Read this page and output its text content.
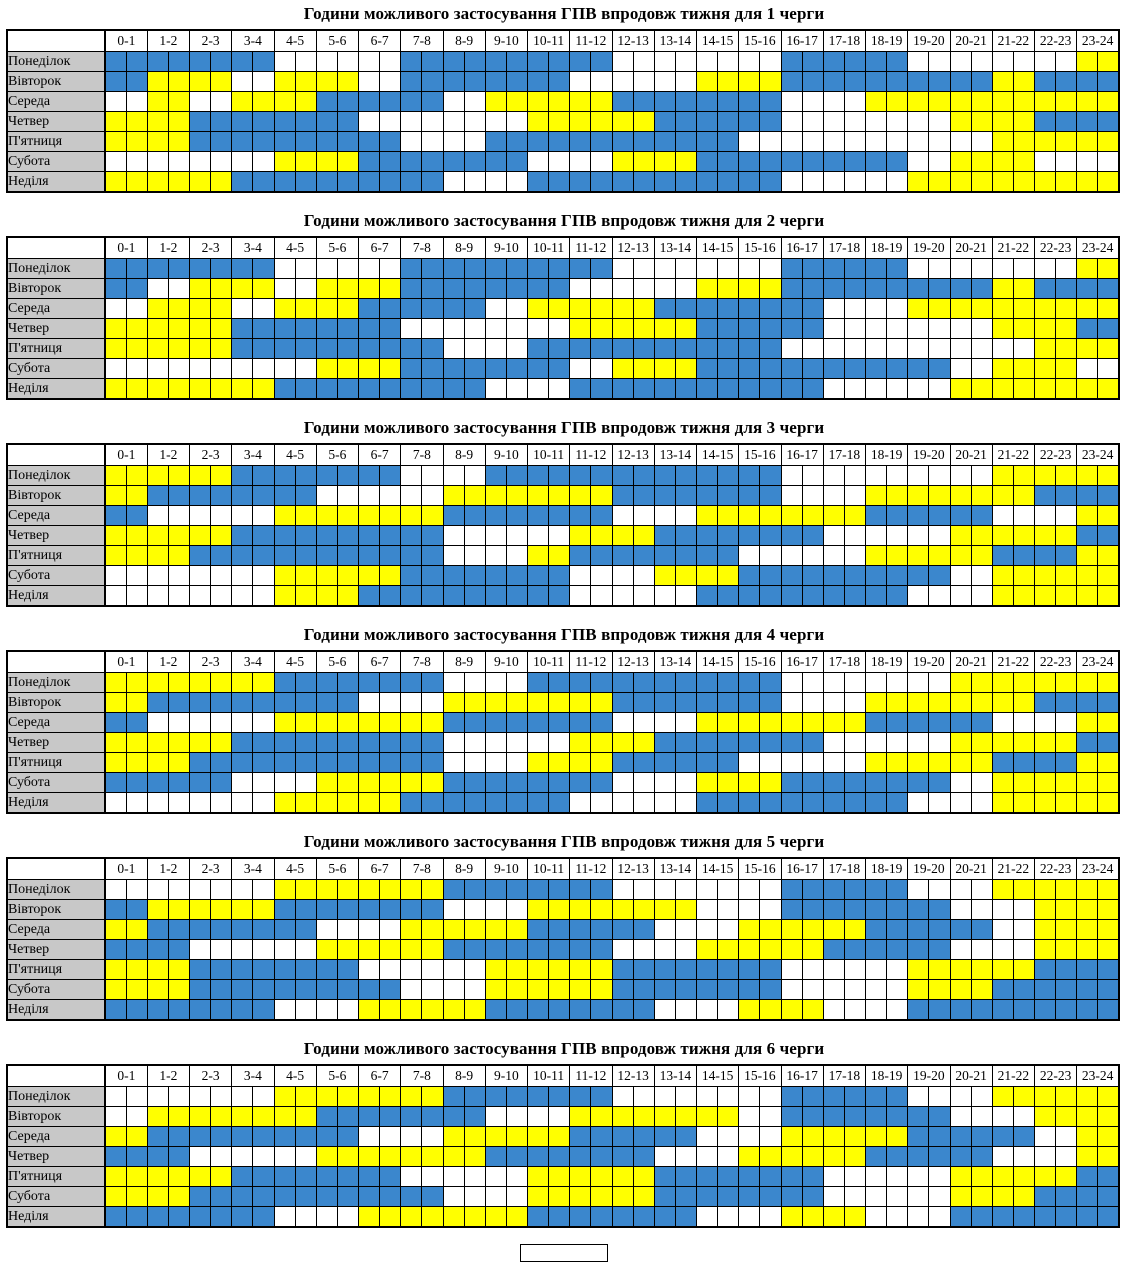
Години можливого застосування ГПВ впродовж тижня для 1 черги
	0-1		1-2		2-3		3-4		4-5		5-6		6-7		7-8		8-9		9-10		10-11		11-12		12-13		13-14		14-15		15-16		16-17		17-18		18-19		19-20		20-21		21-22		22-23		23-24	
Понеділок																																																
Вівторок																																																
Середа																																																
Четвер																																																
П'ятниця																																																
Субота																																																
Неділя																																																
Години можливого застосування ГПВ впродовж тижня для 2 черги
	0-1		1-2		2-3		3-4		4-5		5-6		6-7		7-8		8-9		9-10		10-11		11-12		12-13		13-14		14-15		15-16		16-17		17-18		18-19		19-20		20-21		21-22		22-23		23-24	
Понеділок																																																
Вівторок																																																
Середа																																																
Четвер																																																
П'ятниця																																																
Субота																																																
Неділя																																																
Години можливого застосування ГПВ впродовж тижня для 3 черги
	0-1		1-2		2-3		3-4		4-5		5-6		6-7		7-8		8-9		9-10		10-11		11-12		12-13		13-14		14-15		15-16		16-17		17-18		18-19		19-20		20-21		21-22		22-23		23-24	
Понеділок																																																
Вівторок																																																
Середа																																																
Четвер																																																
П'ятниця																																																
Субота																																																
Неділя																																																
Години можливого застосування ГПВ впродовж тижня для 4 черги
	0-1		1-2		2-3		3-4		4-5		5-6		6-7		7-8		8-9		9-10		10-11		11-12		12-13		13-14		14-15		15-16		16-17		17-18		18-19		19-20		20-21		21-22		22-23		23-24	
Понеділок																																																
Вівторок																																																
Середа																																																
Четвер																																																
П'ятниця																																																
Субота																																																
Неділя																																																
Години можливого застосування ГПВ впродовж тижня для 5 черги
	0-1		1-2		2-3		3-4		4-5		5-6		6-7		7-8		8-9		9-10		10-11		11-12		12-13		13-14		14-15		15-16		16-17		17-18		18-19		19-20		20-21		21-22		22-23		23-24	
Понеділок																																																
Вівторок																																																
Середа																																																
Четвер																																																
П'ятниця																																																
Субота																																																
Неділя																																																
Години можливого застосування ГПВ впродовж тижня для 6 черги
	0-1		1-2		2-3		3-4		4-5		5-6		6-7		7-8		8-9		9-10		10-11		11-12		12-13		13-14		14-15		15-16		16-17		17-18		18-19		19-20		20-21		21-22		22-23		23-24	
Понеділок																																																
Вівторок																																																
Середа																																																
Четвер																																																
П'ятниця																																																
Субота																																																
Неділя																																																
